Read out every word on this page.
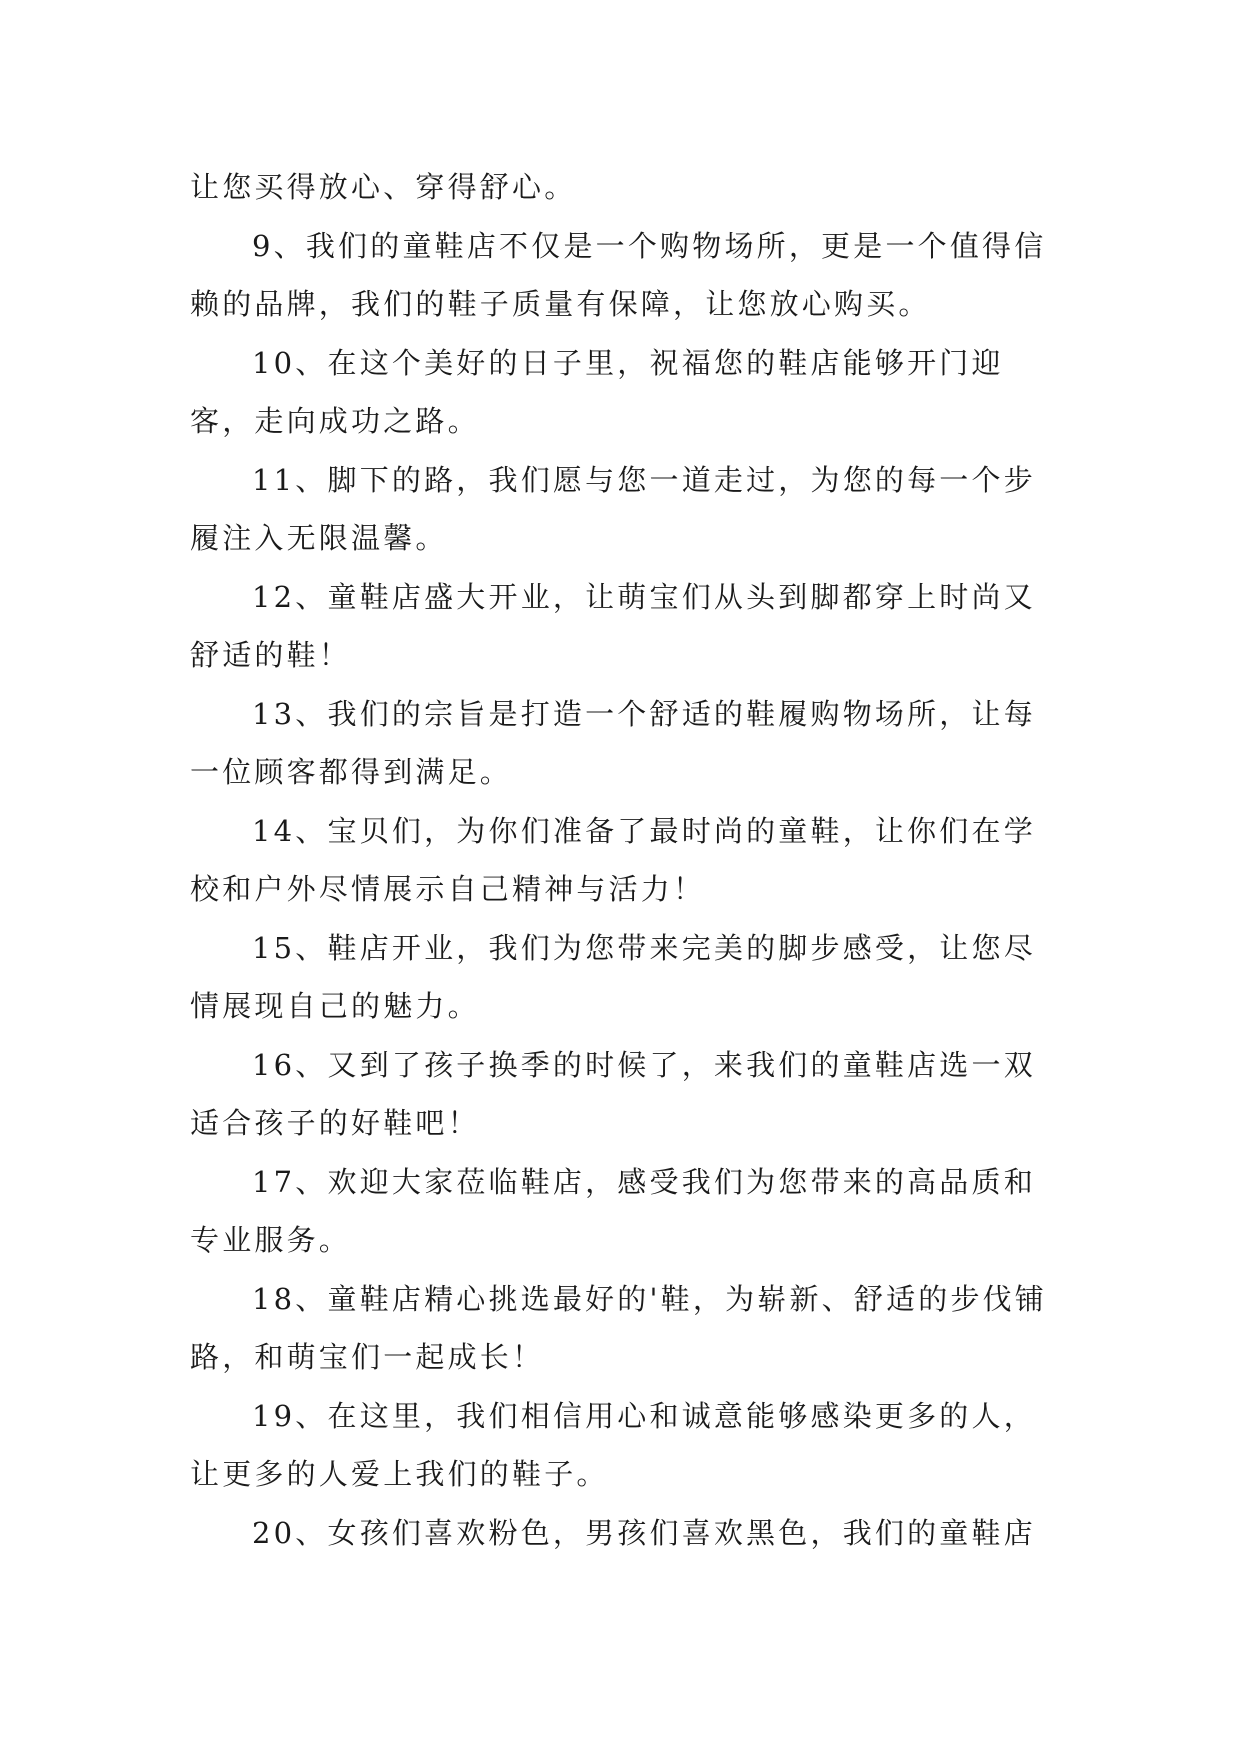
让您买得放心、穿得舒心。

9、我们的童鞋店不仅是一个购物场所，更是一个值得信赖的品牌，我们的鞋子质量有保障，让您放心购买。

10、在这个美好的日子里，祝福您的鞋店能够开门迎客，走向成功之路。

11、脚下的路，我们愿与您一道走过，为您的每一个步履注入无限温馨。

12、童鞋店盛大开业，让萌宝们从头到脚都穿上时尚又舒适的鞋！

13、我们的宗旨是打造一个舒适的鞋履购物场所，让每一位顾客都得到满足。

14、宝贝们，为你们准备了最时尚的童鞋，让你们在学校和户外尽情展示自己精神与活力！

15、鞋店开业，我们为您带来完美的脚步感受，让您尽情展现自己的魅力。

16、又到了孩子换季的时候了，来我们的童鞋店选一双适合孩子的好鞋吧！

17、欢迎大家莅临鞋店，感受我们为您带来的高品质和专业服务。

18、童鞋店精心挑选最好的'鞋，为崭新、舒适的步伐铺路，和萌宝们一起成长！

19、在这里，我们相信用心和诚意能够感染更多的人，让更多的人爱上我们的鞋子。

20、女孩们喜欢粉色，男孩们喜欢黑色，我们的童鞋店
